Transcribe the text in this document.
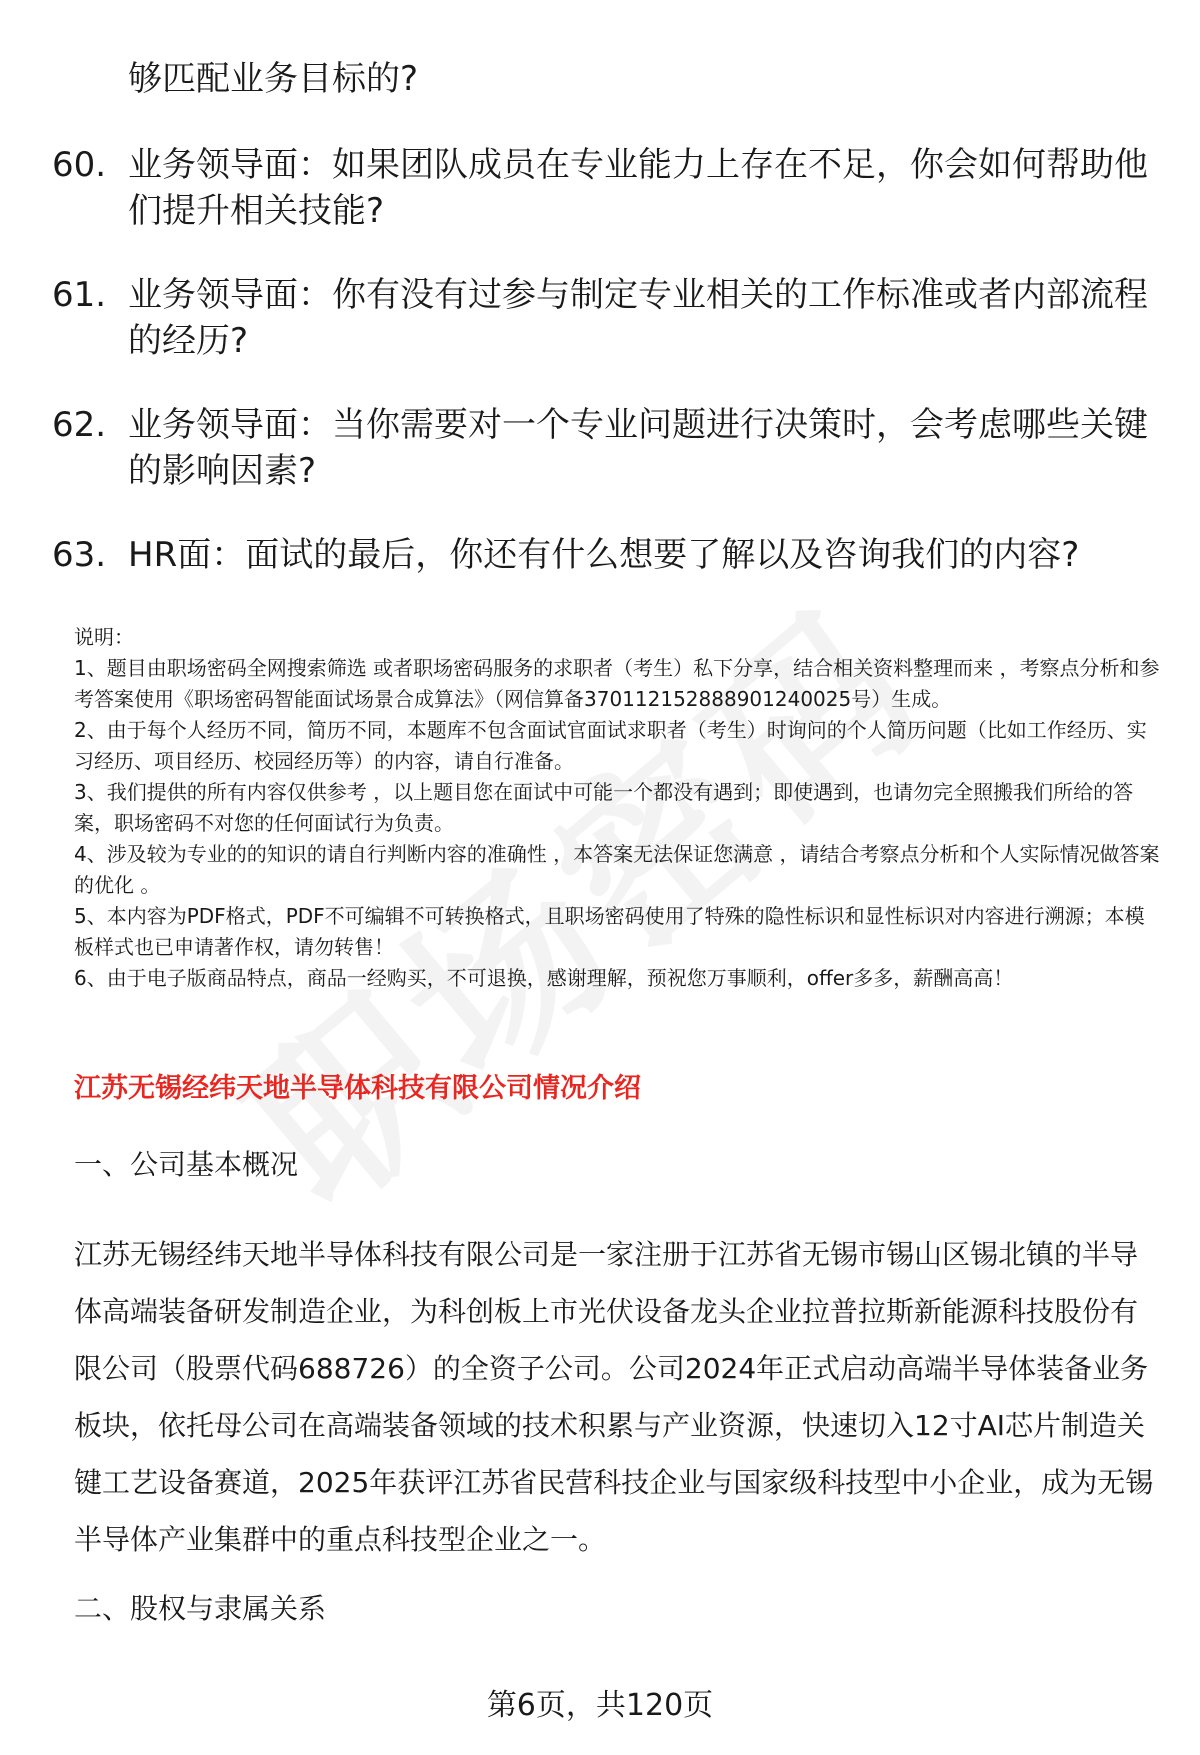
够匹配业务目标的?

60. 业务领导面：如果团队成员在专业能力上存在不足，你会如何帮助他们提升相关技能?
61. 业务领导面：你有没有过参与制定专业相关的工作标准或者内部流程的经历?
62. 业务领导面：当你需要对一个专业问题进行决策时，会考虑哪些关键的影响因素?
63. HR面：面试的最后，你还有什么想要了解以及咨询我们的内容?

说明：

1、题目由职场密码全网搜索筛选 或者职场密码服务的求职者（考生）私下分享，结合相关资料整理而来 ，考察点分析和参考答案使用《职场密码智能面试场景合成算法》（网信算备370112152888901240025号）生成。

2、由于每个人经历不同，简历不同，本题库不包含面试官面试求职者（考生）时询问的个人简历问题（比如工作经历、实习经历、项目经历、校园经历等）的内容，请自行准备。

3、我们提供的所有内容仅供参考 ，以上题目您在面试中可能一个都没有遇到；即使遇到，也请勿完全照搬我们所给的答案，职场密码不对您的任何面试行为负责。

4、涉及较为专业的的知识的请自行判断内容的准确性 ，本答案无法保证您满意 ，请结合考察点分析和个人实际情况做答案的优化 。

5、本内容为PDF格式，PDF不可编辑不可转换格式，且职场密码使用了特殊的隐性标识和显性标识对内容进行溯源；本模板样式也已申请著作权，请勿转售！

6、由于电子版商品特点，商品一经购买，不可退换，感谢理解，预祝您万事顺利，offer多多，薪酬高高！

江苏无锡经纬天地半导体科技有限公司情况介绍
一、公司基本概况

江苏无锡经纬天地半导体科技有限公司是一家注册于江苏省无锡市锡山区锡北镇的半导体高端装备研发制造企业，为科创板上市光伏设备龙头企业拉普拉斯新能源科技股份有限公司（股票代码688726）的全资子公司。公司2024年正式启动高端半导体装备业务板块，依托母公司在高端装备领域的技术积累与产业资源，快速切入12寸AI芯片制造关键工艺设备赛道，2025年获评江苏省民营科技企业与国家级科技型中小企业，成为无锡半导体产业集群中的重点科技型企业之一。

二、股权与隶属关系
第6页，共120页
